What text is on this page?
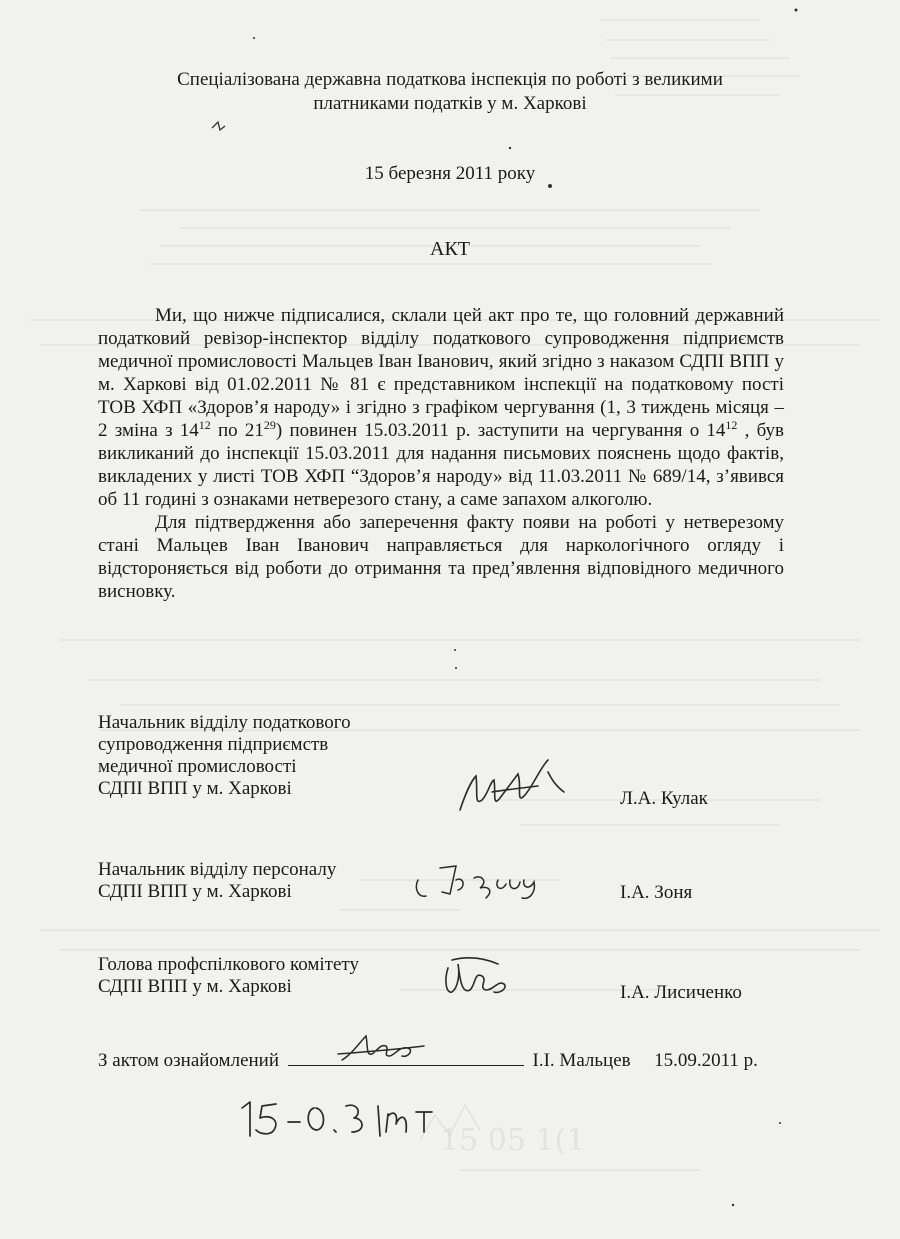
15 05 1(1
Спеціалізована державна податкова інспекція по роботі з великими
платниками податків у м. Харкові
15 березня 2011 року
АКТ

Ми, що нижче підписалися, склали цей акт про те, що головний державний податковий ревізор-інспектор відділу податкового супроводження підприємств медичної промисловості Мальцев Іван Іванович, який згідно з наказом СДПІ ВПП у м. Харкові від 01.02.2011 № 81 є представником інспекції на податковому пості ТОВ ХФП «Здоров’я народу» і згідно з графіком чергування (1, 3 тиждень місяця – 2 зміна з $14^{12}$ по $21^{29}$) повинен 15.03.2011 р. заступити на чергування о $14^{12}$ , був викликаний до інспекції 15.03.2011 для надання письмових пояснень щодо фактів, викладених у листі ТОВ ХФП “Здоров’я народу» від 11.03.2011 № 689/14, з’явився об 11 годині з ознаками нетверезого стану, а саме запахом алкоголю.

Для підтвердження або заперечення факту появи на роботі у нетверезому стані Мальцев Іван Іванович направляється для наркологічного огляду і відстороняється від роботи до отримання та пред’явлення відповідного медичного висновку.

Начальник відділу податкового
супроводження підприємств
медичної промисловості
СДПІ ВПП у м. Харкові	Л.А. Кулак
Начальник відділу персоналу
СДПІ ВПП у м. Харкові	І.А. Зоня
Голова профспілкового комітету
СДПІ ВПП у м. Харкові	І.А. Лисиченко
З актом ознайомлений	І.І. Мальцев 15.09.2011 р.
